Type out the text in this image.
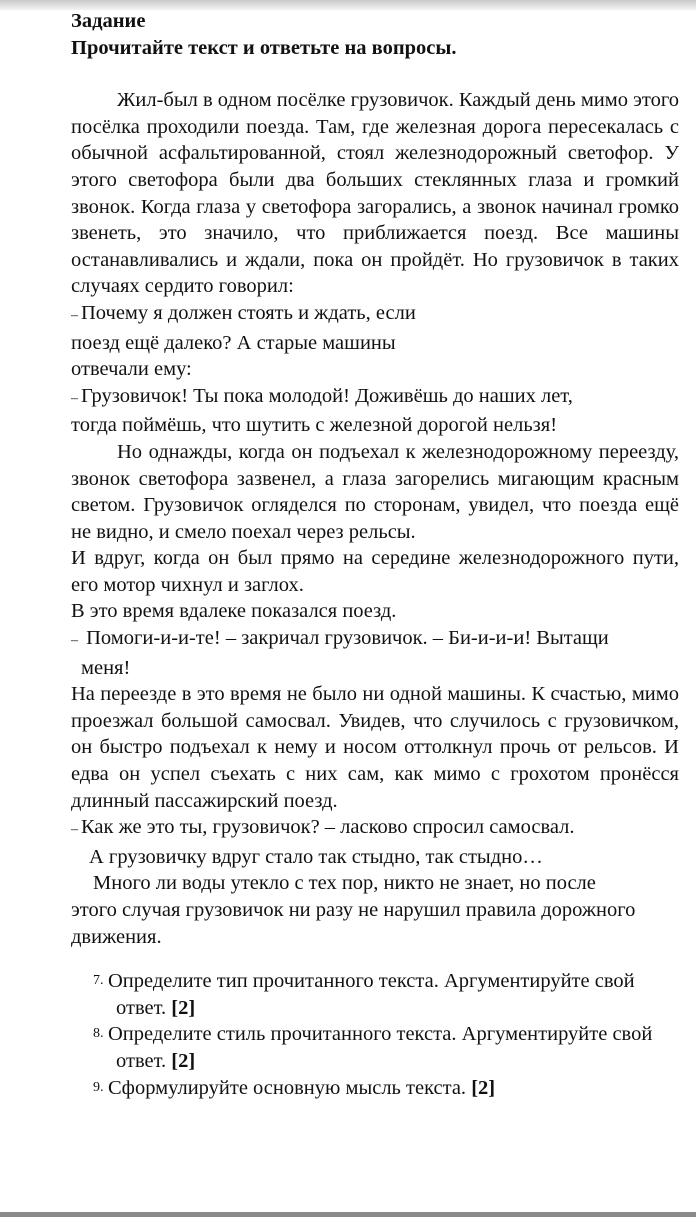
Задание
Прочитайте текст и ответьте на вопросы.

Жил-был в одном посёлке грузовичок. Каждый день мимо этого посёлка проходили поезда. Там, где железная дорога пересекалась с обычной асфальтированной, стоял железнодорожный светофор. У этого светофора были два больших стеклянных глаза и громкий звонок. Когда глаза у светофора загорались, а звонок начинал громко звенеть, это значило, что приближается поезд. Все машины останавливались и ждали, пока он пройдёт. Но грузовичок в таких случаях сердито говорил:

– Почему я должен стоять и ждать, если
поезд ещё далеко? А старые машины
отвечали ему:
– Грузовичок! Ты пока молодой! Доживёшь до наших лет,
тогда поймёшь, что шутить с железной дорогой нельзя!

Но однажды, когда он подъехал к железнодорожному переезду, звонок светофора зазвенел, а глаза загорелись мигающим красным светом. Грузовичок огляделся по сторонам, увидел, что поезда ещё не видно, и смело поехал через рельсы.

И вдруг, когда он был прямо на середине железнодорожного пути, его мотор чихнул и заглох.

В это время вдалеке показался поезд.

– Помоги-и-и-те! – закричал грузовичок. – Би-и-и-и! Вытащи
меня!

На переезде в это время не было ни одной машины. К счастью, мимо проезжал большой самосвал. Увидев, что случилось с грузовичком, он быстро подъехал к нему и носом оттолкнул прочь от рельсов. И едва он успел съехать с них сам, как мимо с грохотом пронёсся длинный пассажирский поезд.

– Как же это ты, грузовичок? – ласково спросил самосвал.
А грузовичку вдруг стало так стыдно, так стыдно…
Много ли воды утекло с тех пор, никто не знает, но после
этого случая грузовичок ни разу не нарушил правила дорожного
движения.
7. Определите тип прочитанного текста. Аргументируйте свой
ответ. [2]
8. Определите стиль прочитанного текста. Аргументируйте свой
ответ. [2]
9. Сформулируйте основную мысль текста. [2]
